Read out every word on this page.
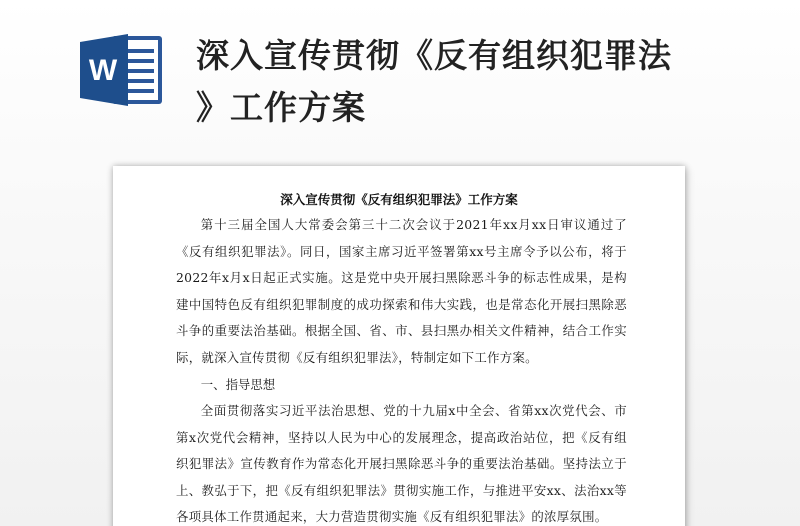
W 深入宣传贯彻《反有组织犯罪法
》工作方案
深入宣传贯彻《反有组织犯罪法》工作方案

第十三届全国人大常委会第三十二次会议于2021年xx月xx日审议通过了《反有组织犯罪法》。同日，国家主席习近平签署第xx号主席令予以公布，将于2022年x月x日起正式实施。这是党中央开展扫黑除恶斗争的标志性成果，是构建中国特色反有组织犯罪制度的成功探索和伟大实践，也是常态化开展扫黑除恶斗争的重要法治基础。根据全国、省、市、县扫黑办相关文件精神，结合工作实际，就深入宣传贯彻《反有组织犯罪法》，特制定如下工作方案。

一、指导思想

全面贯彻落实习近平法治思想、党的十九届x中全会、省第xx次党代会、市第x次党代会精神，坚持以人民为中心的发展理念，提高政治站位，把《反有组织犯罪法》宣传教育作为常态化开展扫黑除恶斗争的重要法治基础。坚持法立于上、教弘于下，把《反有组织犯罪法》贯彻实施工作，与推进平安xx、法治xx等各项具体工作贯通起来，大力营造贯彻实施《反有组织犯罪法》的浓厚氛围。
